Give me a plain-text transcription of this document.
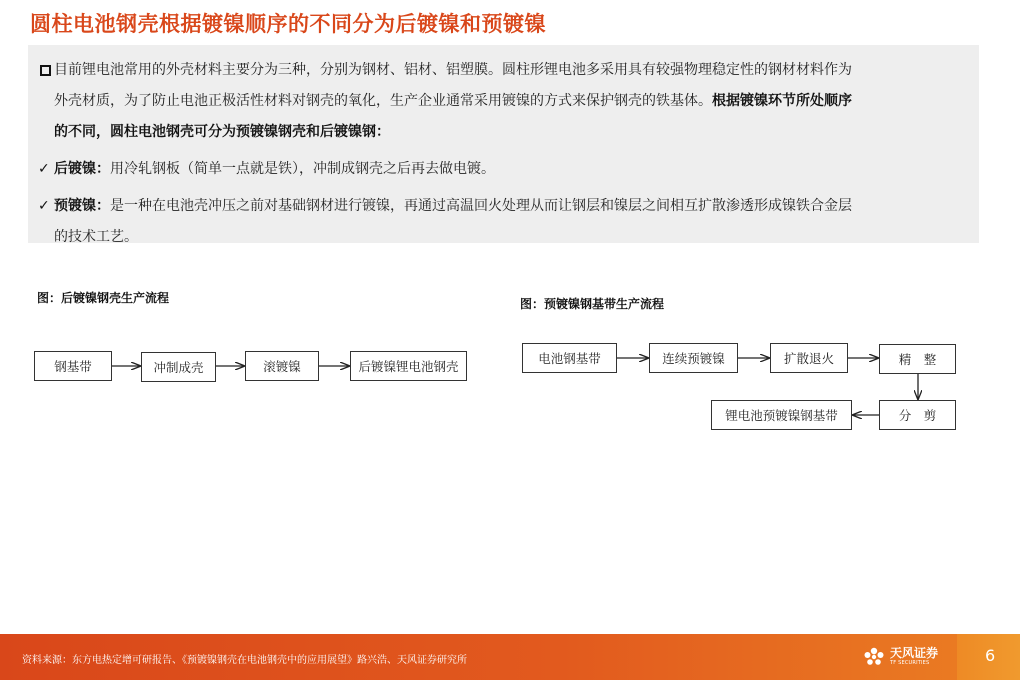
圆柱电池钢壳根据镀镍顺序的不同分为后镀镍和预镀镍
目前锂电池常用的外壳材料主要分为三种，分别为钢材、铝材、铝塑膜。圆柱形锂电池多采用具有较强物理稳定性的钢材材料作为
外壳材质，为了防止电池正极活性材料对钢壳的氧化，生产企业通常采用镀镍的方式来保护钢壳的铁基体。根据镀镍环节所处顺序
的不同，圆柱电池钢壳可分为预镀镍钢壳和后镀镍钢：
✓ 后镀镍：用冷轧钢板（简单一点就是铁），冲制成钢壳之后再去做电镀。
✓ 预镀镍：是一种在电池壳冲压之前对基础钢材进行镀镍，再通过高温回火处理从而让钢层和镍层之间相互扩散渗透形成镍铁合金层
的技术工艺。
图：后镀镍钢壳生产流程
钢基带	冲制成壳	滚镀镍	后镀镍锂电池钢壳
图：预镀镍钢基带生产流程
电池钢基带	连续预镀镍	扩散退火	精　整
分　剪
锂电池预镀镍钢基带
资料来源：东方电热定增可研报告、《预镀镍钢壳在电池钢壳中的应用展望》路兴浩、天风证券研究所
天风证券
TF SECURITIES	6
